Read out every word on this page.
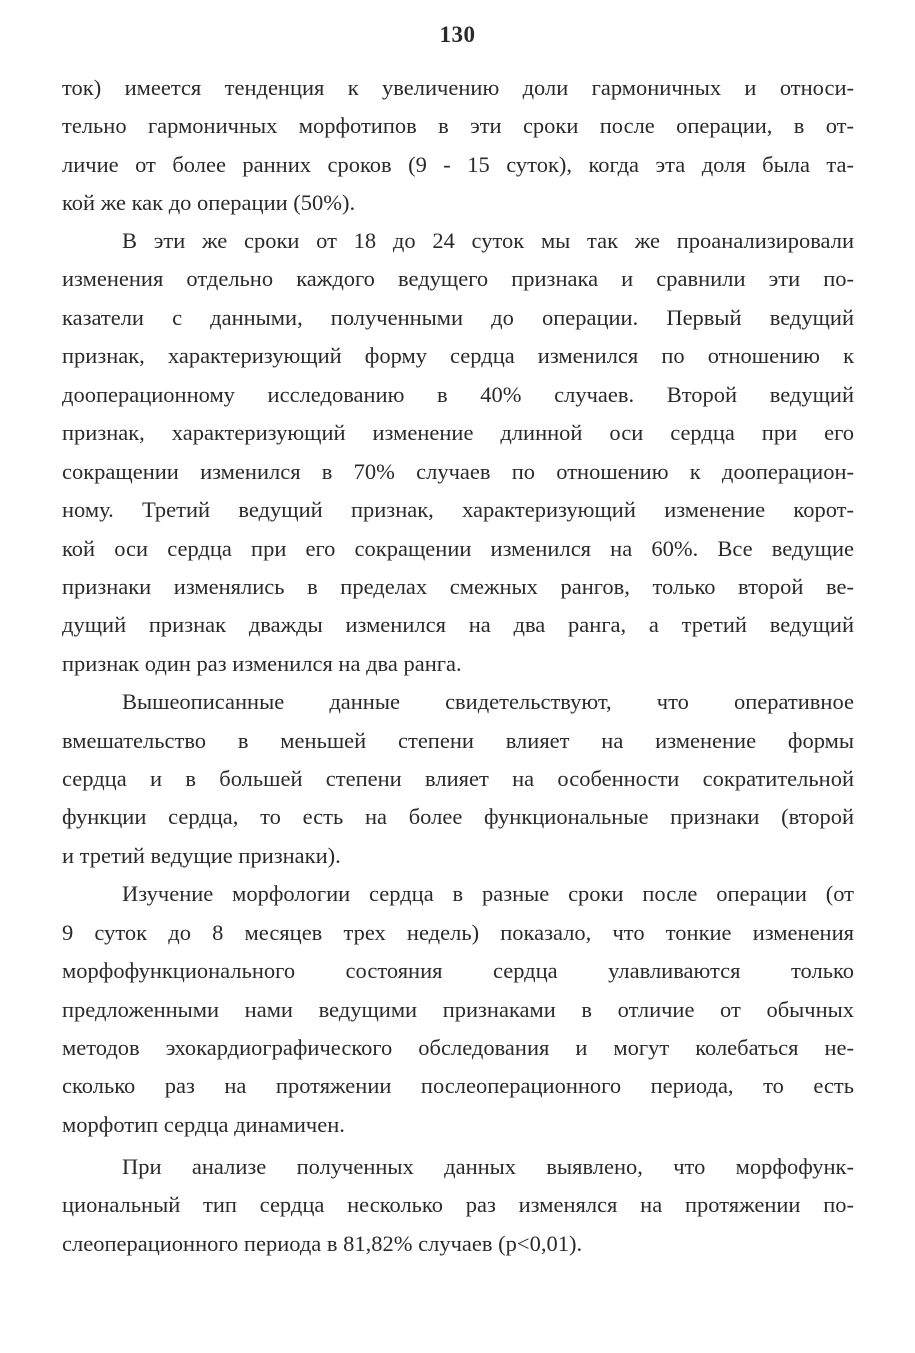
130
ток) имеется тенденция к увеличению доли гармоничных и относи-
тельно гармоничных морфотипов в эти сроки после операции, в от-
личие от более ранних сроков (9 - 15 суток), когда эта доля была та-
кой же как до операции (50%).
В эти же сроки от 18 до 24 суток мы так же проанализировали
изменения отдельно каждого ведущего признака и сравнили эти по-
казатели с данными, полученными до операции. Первый ведущий
признак, характеризующий форму сердца изменился по отношению к
дооперационному исследованию в 40% случаев. Второй ведущий
признак, характеризующий изменение длинной оси сердца при его
сокращении изменился в 70% случаев по отношению к дооперацион-
ному. Третий ведущий признак, характеризующий изменение корот-
кой оси сердца при его сокращении изменился на 60%. Все ведущие
признаки изменялись в пределах смежных рангов, только второй ве-
дущий признак дважды изменился на два ранга, а третий ведущий
признак один раз изменился на два ранга.
Вышеописанные данные свидетельствуют, что оперативное
вмешательство в меньшей степени влияет на изменение формы
сердца и в большей степени влияет на особенности сократительной
функции сердца, то есть на более функциональные признаки (второй
и третий ведущие признаки).
Изучение морфологии сердца в разные сроки после операции (от
9 суток до 8 месяцев трех недель) показало, что тонкие изменения
морфофункционального состояния сердца улавливаются только
предложенными нами ведущими признаками в отличие от обычных
методов эхокардиографического обследования и могут колебаться не-
сколько раз на протяжении послеоперационного периода, то есть
морфотип сердца динамичен.
При анализе полученных данных выявлено, что морфофунк-
циональный тип сердца несколько раз изменялся на протяжении по-
слеоперационного периода в 81,82% случаев (р<0,01).
